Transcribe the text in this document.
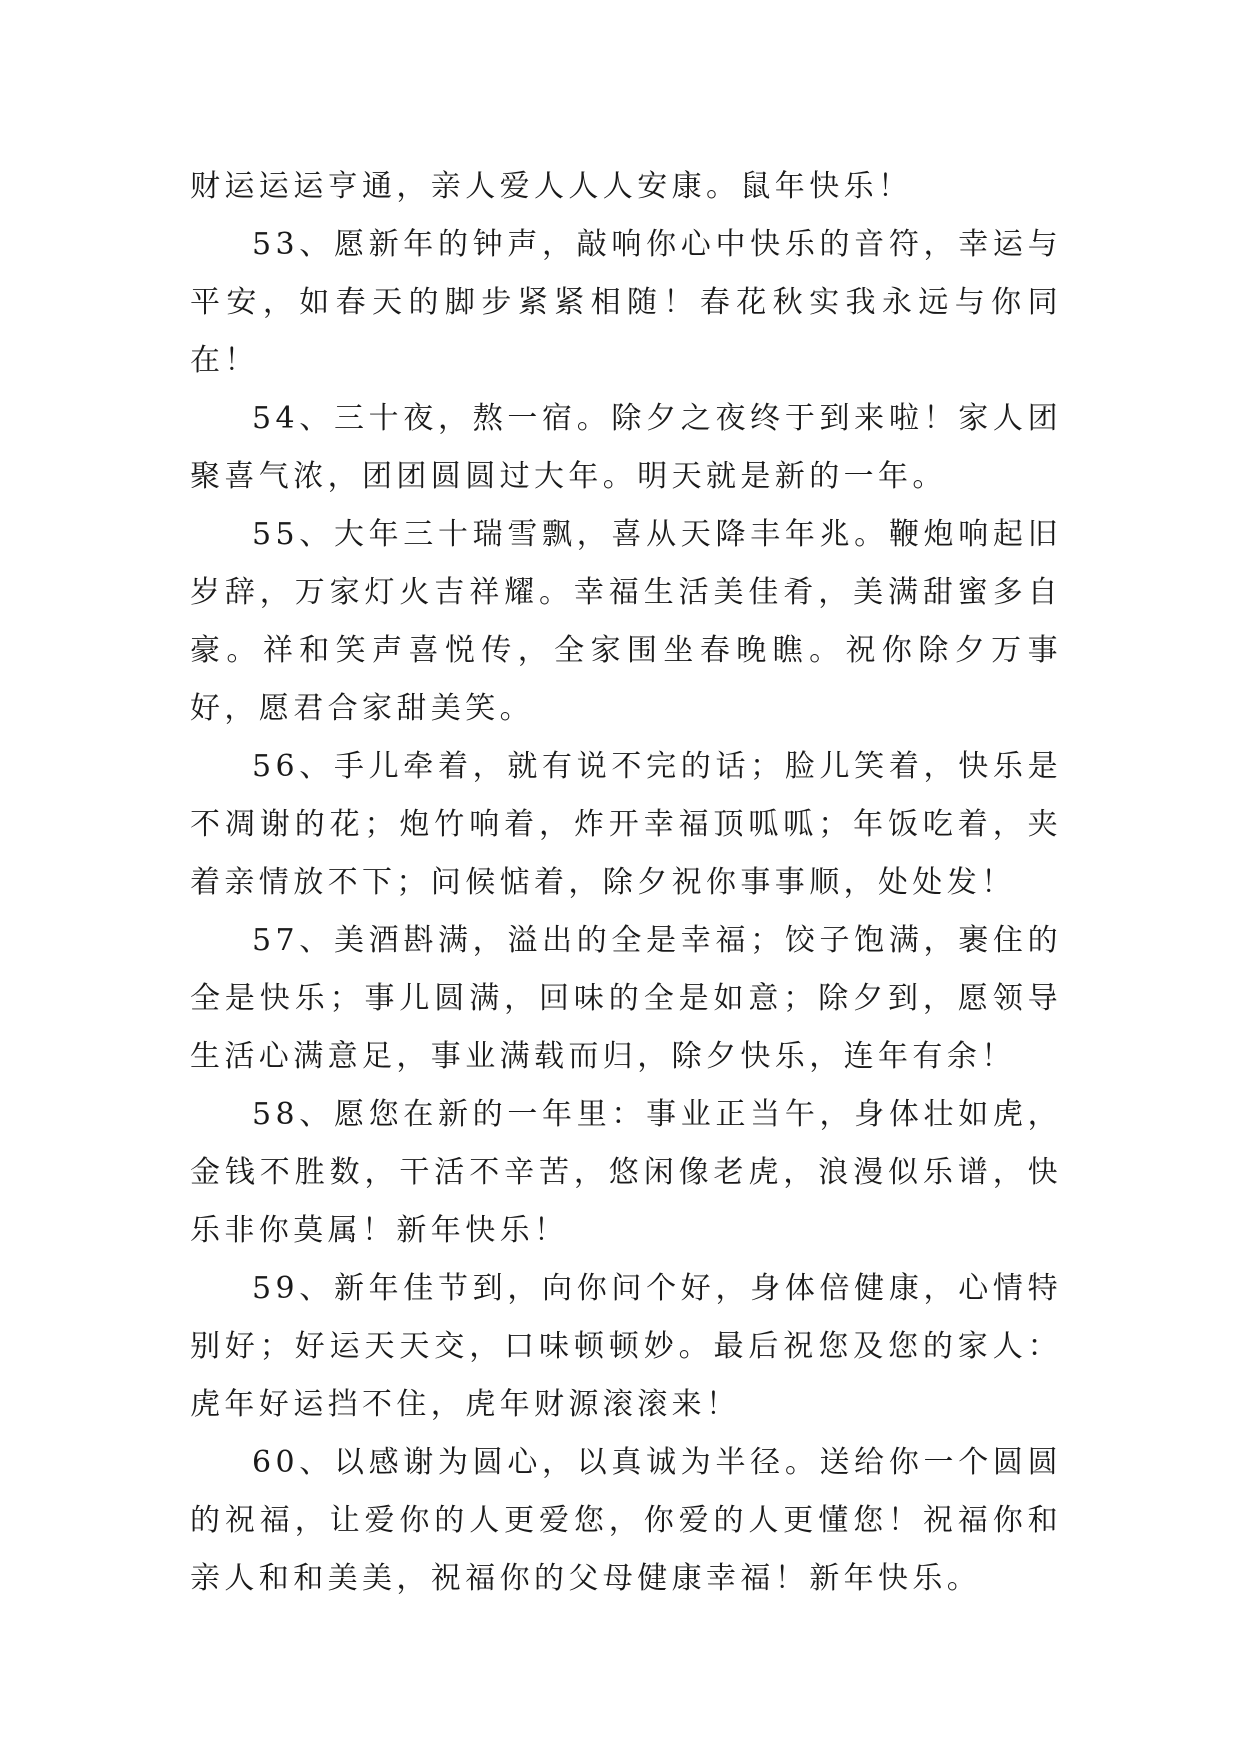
财运运运亨通，亲人爱人人人安康。鼠年快乐！

53、愿新年的钟声，敲响你心中快乐的音符，幸运与平安，如春天的脚步紧紧相随！春花秋实我永远与你同在！

54、三十夜，熬一宿。除夕之夜终于到来啦！家人团聚喜气浓，团团圆圆过大年。明天就是新的一年。

55、大年三十瑞雪飘，喜从天降丰年兆。鞭炮响起旧岁辞，万家灯火吉祥耀。幸福生活美佳肴，美满甜蜜多自豪。祥和笑声喜悦传，全家围坐春晚瞧。祝你除夕万事好，愿君合家甜美笑。

56、手儿牵着，就有说不完的话；脸儿笑着，快乐是不凋谢的花；炮竹响着，炸开幸福顶呱呱；年饭吃着，夹着亲情放不下；问候惦着，除夕祝你事事顺，处处发！

57、美酒斟满，溢出的全是幸福；饺子饱满，裹住的全是快乐；事儿圆满，回味的全是如意；除夕到，愿领导生活心满意足，事业满载而归，除夕快乐，连年有余！

58、愿您在新的一年里：事业正当午，身体壮如虎，金钱不胜数，干活不辛苦，悠闲像老虎，浪漫似乐谱，快乐非你莫属！新年快乐！

59、新年佳节到，向你问个好，身体倍健康，心情特别好；好运天天交，口味顿顿妙。最后祝您及您的家人：虎年好运挡不住，虎年财源滚滚来！

60、以感谢为圆心，以真诚为半径。送给你一个圆圆的祝福，让爱你的人更爱您，你爱的人更懂您！祝福你和亲人和和美美，祝福你的父母健康幸福！新年快乐。
